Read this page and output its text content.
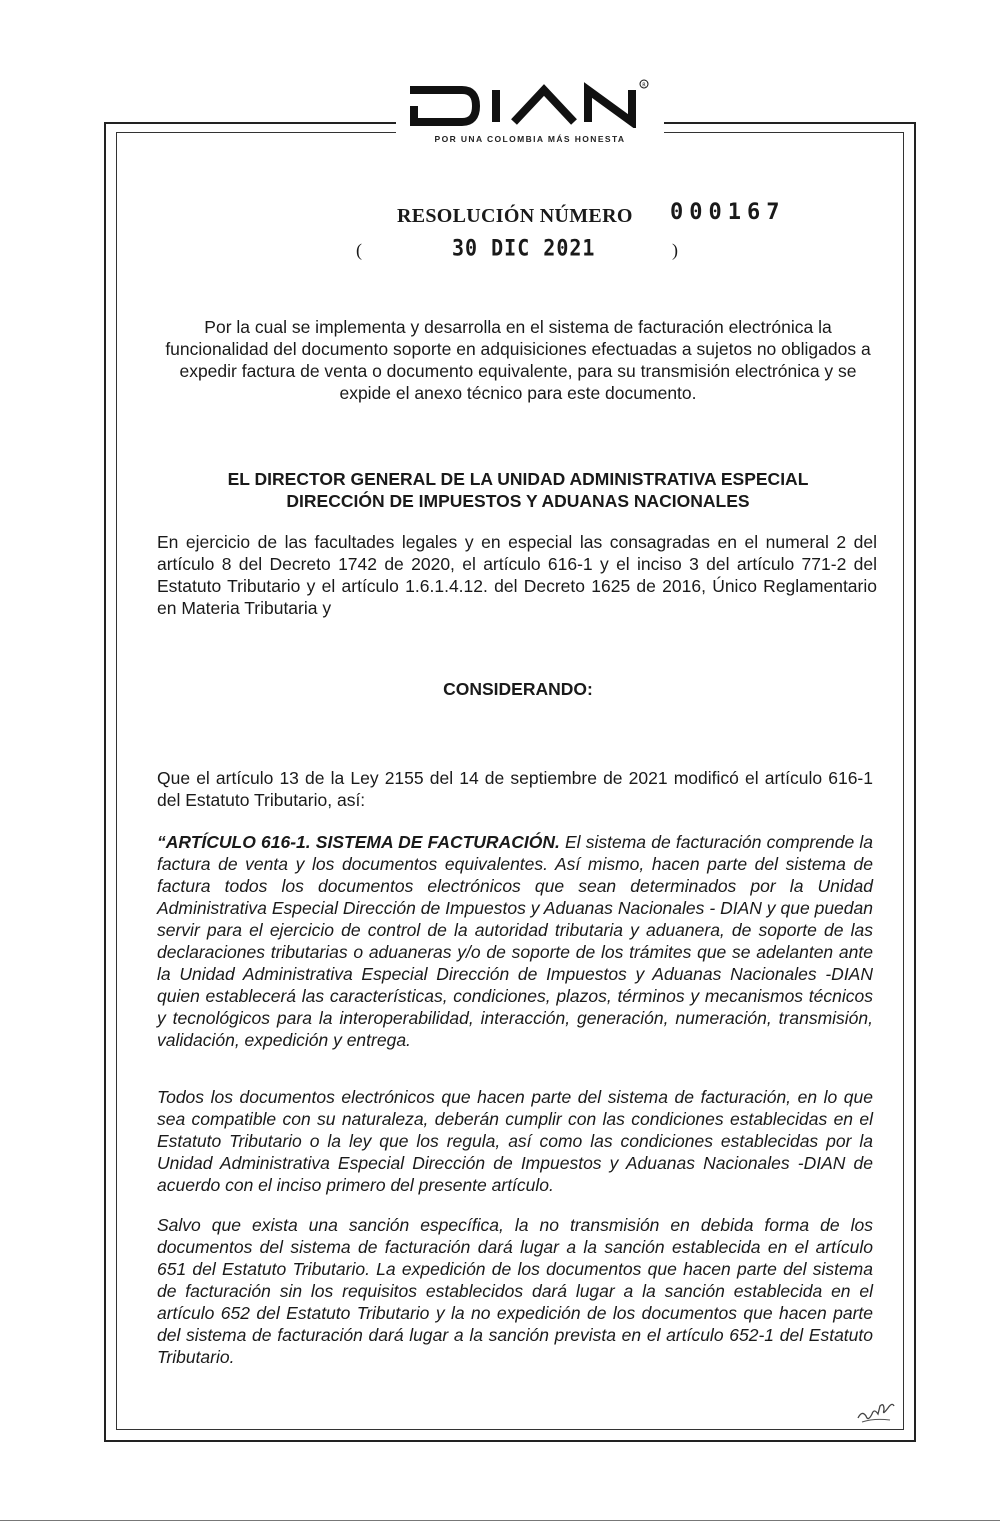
R
POR UNA COLOMBIA MÁS HONESTA
RESOLUCIÓN NÚMERO 000167
(	30 DIC 2021	)
Por la cual se implementa y desarrolla en el sistema de facturación electrónica la funcionalidad del documento soporte en adquisiciones efectuadas a sujetos no obligados a expedir factura de venta o documento equivalente, para su transmisión electrónica y se expide el anexo técnico para este documento.
EL DIRECTOR GENERAL DE LA UNIDAD ADMINISTRATIVA ESPECIAL
DIRECCIÓN DE IMPUESTOS Y ADUANAS NACIONALES
En ejercicio de las facultades legales y en especial las consagradas en el numeral 2 del artículo 8 del Decreto 1742 de 2020, el artículo 616-1 y el inciso 3 del artículo 771-2 del Estatuto Tributario y el artículo 1.6.1.4.12. del Decreto 1625 de 2016, Único Reglamentario en Materia Tributaria y
CONSIDERANDO:

Que el artículo 13 de la Ley 2155 del 14 de septiembre de 2021 modificó el artículo 616-1 del Estatuto Tributario, así:

“ARTÍCULO 616-1. SISTEMA DE FACTURACIÓN. El sistema de facturación comprende la factura de venta y los documentos equivalentes. Así mismo, hacen parte del sistema de factura todos los documentos electrónicos que sean determinados por la Unidad Administrativa Especial Dirección de Impuestos y Aduanas Nacionales - DIAN y que puedan servir para el ejercicio de control de la autoridad tributaria y aduanera, de soporte de las declaraciones tributarias o aduaneras y/o de soporte de los trámites que se adelanten ante la Unidad Administrativa Especial Dirección de Impuestos y Aduanas Nacionales -DIAN quien establecerá las características, condiciones, plazos, términos y mecanismos técnicos y tecnológicos para la interoperabilidad, interacción, generación, numeración, transmisión, validación, expedición y entrega.

Todos los documentos electrónicos que hacen parte del sistema de facturación, en lo que sea compatible con su naturaleza, deberán cumplir con las condiciones establecidas en el Estatuto Tributario o la ley que los regula, así como las condiciones establecidas por la Unidad Administrativa Especial Dirección de Impuestos y Aduanas Nacionales -DIAN de acuerdo con el inciso primero del presente artículo.

Salvo que exista una sanción específica, la no transmisión en debida forma de los documentos del sistema de facturación dará lugar a la sanción establecida en el artículo 651 del Estatuto Tributario. La expedición de los documentos que hacen parte del sistema de facturación sin los requisitos establecidos dará lugar a la sanción establecida en el artículo 652 del Estatuto Tributario y la no expedición de los documentos que hacen parte del sistema de facturación dará lugar a la sanción prevista en el artículo 652-1 del Estatuto Tributario.
